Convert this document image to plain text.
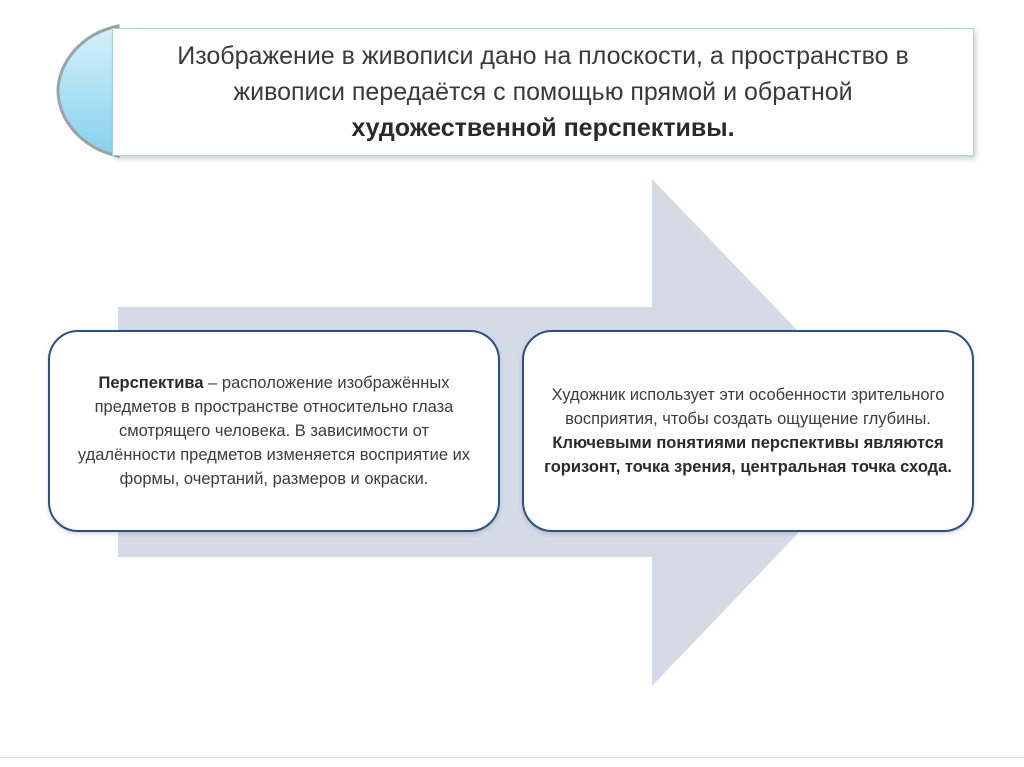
Изображение в живописи дано на плоскости, а пространство в живописи передаётся с помощью прямой и обратной художественной перспективы.
Перспектива – расположение изображённых предметов в пространстве относительно глаза смотрящего человека. В зависимости от удалённости предметов изменяется восприятие их формы, очертаний, размеров и окраски.
Художник использует эти особенности зрительного восприятия, чтобы создать ощущение глубины. Ключевыми понятиями перспективы являются горизонт, точка зрения, центральная точка схода.
